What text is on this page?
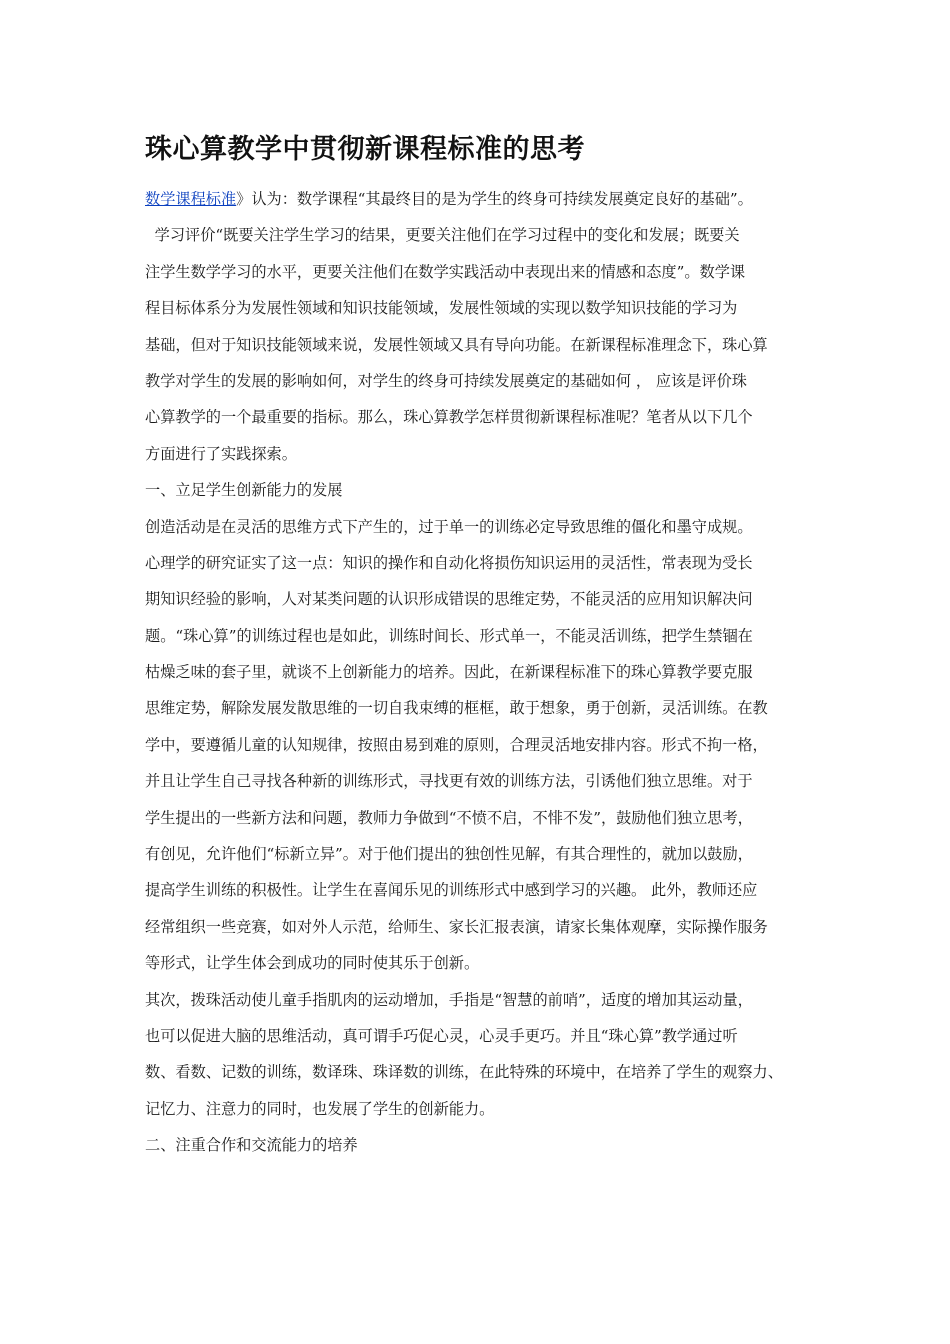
珠心算教学中贯彻新课程标准的思考
数学课程标准》认为：数学课程“其最终目的是为学生的终身可持续发展奠定良好的基础”。
学习评价“既要关注学生学习的结果，更要关注他们在学习过程中的变化和发展；既要关
注学生数学学习的水平，更要关注他们在数学实践活动中表现出来的情感和态度”。数学课
程目标体系分为发展性领域和知识技能领域，发展性领域的实现以数学知识技能的学习为
基础，但对于知识技能领域来说，发展性领域又具有导向功能。在新课程标准理念下，珠心算
教学对学生的发展的影响如何，对学生的终身可持续发展奠定的基础如何 ， 应该是评价珠
心算教学的一个最重要的指标。那么，珠心算教学怎样贯彻新课程标准呢？笔者从以下几个
方面进行了实践探索。
一、立足学生创新能力的发展
创造活动是在灵活的思维方式下产生的，过于单一的训练必定导致思维的僵化和墨守成规。
心理学的研究证实了这一点：知识的操作和自动化将损伤知识运用的灵活性，常表现为受长
期知识经验的影响，人对某类问题的认识形成错误的思维定势，不能灵活的应用知识解决问
题。“珠心算”的训练过程也是如此，训练时间长、形式单一，不能灵活训练，把学生禁锢在
枯燥乏味的套子里，就谈不上创新能力的培养。因此，在新课程标准下的珠心算教学要克服
思维定势，解除发展发散思维的一切自我束缚的框框，敢于想象，勇于创新，灵活训练。在教
学中，要遵循儿童的认知规律，按照由易到难的原则，合理灵活地安排内容。形式不拘一格，
并且让学生自己寻找各种新的训练形式，寻找更有效的训练方法，引诱他们独立思维。对于
学生提出的一些新方法和问题，教师力争做到“不愤不启，不悱不发”，鼓励他们独立思考，
有创见，允许他们“标新立异”。对于他们提出的独创性见解，有其合理性的，就加以鼓励，
提高学生训练的积极性。让学生在喜闻乐见的训练形式中感到学习的兴趣。 此外，教师还应
经常组织一些竞赛，如对外人示范，给师生、家长汇报表演，请家长集体观摩，实际操作服务
等形式，让学生体会到成功的同时使其乐于创新。
其次，拨珠活动使儿童手指肌肉的运动增加，手指是“智慧的前哨”，适度的增加其运动量，
也可以促进大脑的思维活动，真可谓手巧促心灵，心灵手更巧。并且“珠心算”教学通过听
数、看数、记数的训练，数译珠、珠译数的训练，在此特殊的环境中，在培养了学生的观察力、
记忆力、注意力的同时，也发展了学生的创新能力。
二、注重合作和交流能力的培养
